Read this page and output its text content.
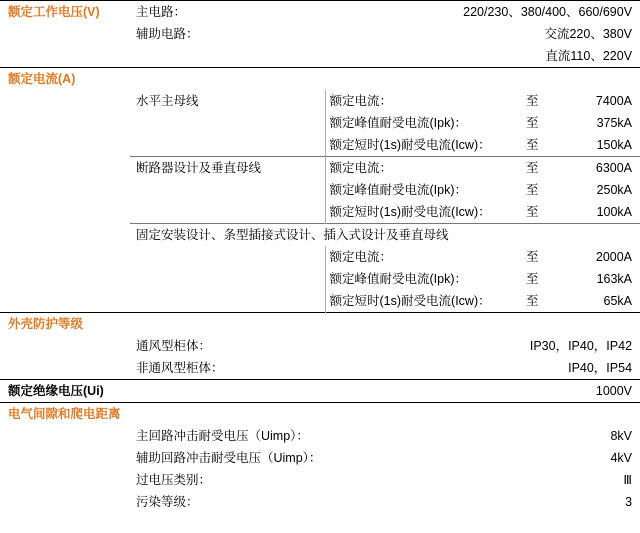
额定工作电压(V)	主电路：	220/230、380/400、660/690V		
	辅助电路：	交流220、380V		
		直流110、220V		
额定电流(A)				
	水平主母线	额定电流：	至	7400A
		额定峰值耐受电流(Ipk)：	至	375kA
		额定短时(1s)耐受电流(Icw)：	至	150kA
	断路器设计及垂直母线	额定电流：	至	6300A
		额定峰值耐受电流(Ipk)：	至	250kA
		额定短时(1s)耐受电流(Icw)：	至	100kA
	固定安装设计、条型插接式设计、插入式设计及垂直母线			
		额定电流：	至	2000A
		额定峰值耐受电流(Ipk)：	至	163kA
		额定短时(1s)耐受电流(Icw)：	至	65kA
外壳防护等级				
	通风型柜体：	IP30，IP40，IP42		
	非通风型柜体：	IP40，IP54		
额定绝缘电压(Ui)		1000V		
电气间隙和爬电距离				
	主回路冲击耐受电压（Uimp）：		8kV	
	辅助回路冲击耐受电压（Uimp）：		4kV	
	过电压类别：		Ⅲ	
	污染等级：		3	
